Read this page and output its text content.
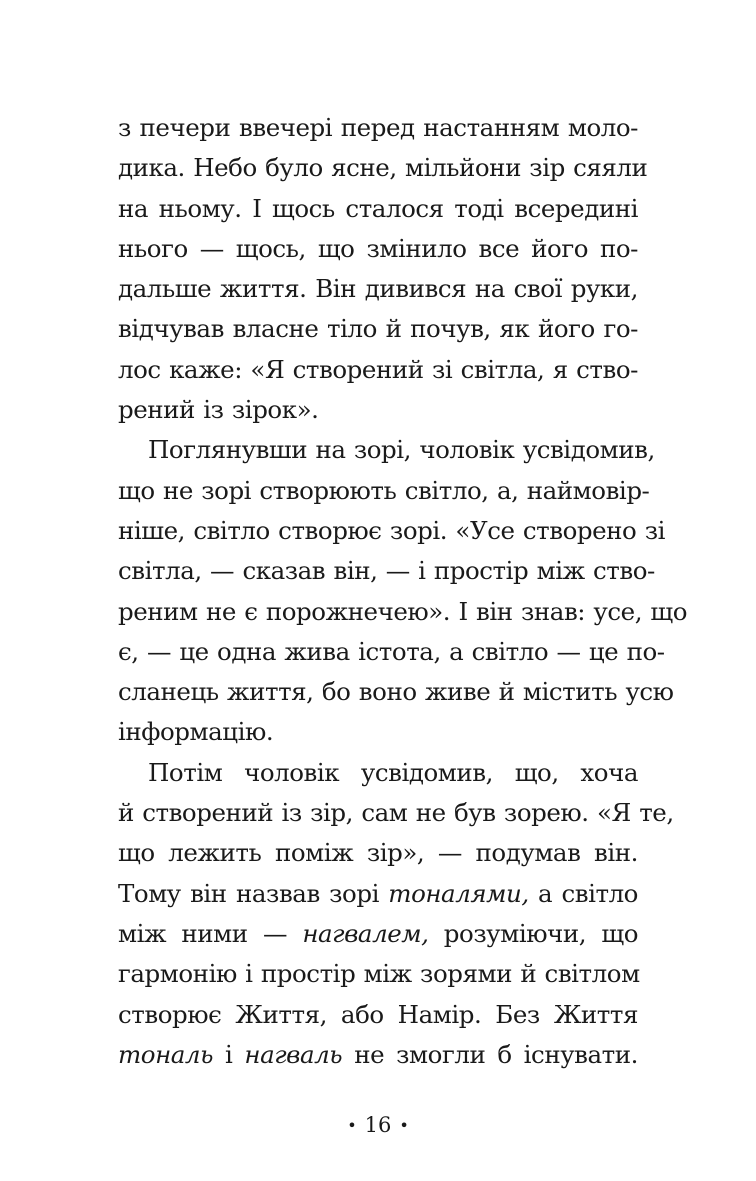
з печери ввечері перед настанням моло-
дика. Небо було ясне, мільйони зір сяяли
на ньому. І щось сталося тоді всередині
нього — щось, що змінило все його по-
дальше життя. Він дивився на свої руки,
відчував власне тіло й почув, як його го-
лос каже: «Я створений зі світла, я ство-
рений із зірок».
Поглянувши на зорі, чоловік усвідомив,
що не зорі створюють світло, а, наймовір-
ніше, світло створює зорі. «Усе створено зі
світла, — сказав він, — і простір між ство-
реним не є порожнечею». І він знав: усе, що
є, — це одна жива істота, а світло — це по-
сланець життя, бо воно живе й містить усю
інформацію.
Потім чоловік усвідомив, що, хоча
й створений із зір, сам не був зорею. «Я те,
що лежить поміж зір», — подумав він.
Тому він назвав зорі тоналями, а світло
між ними — нагвалем, розуміючи, що
гармонію і простір між зорями й світлом
створює Життя, або Намір. Без Життя
тональ і нагваль не змогли б існувати.
• 16 •
